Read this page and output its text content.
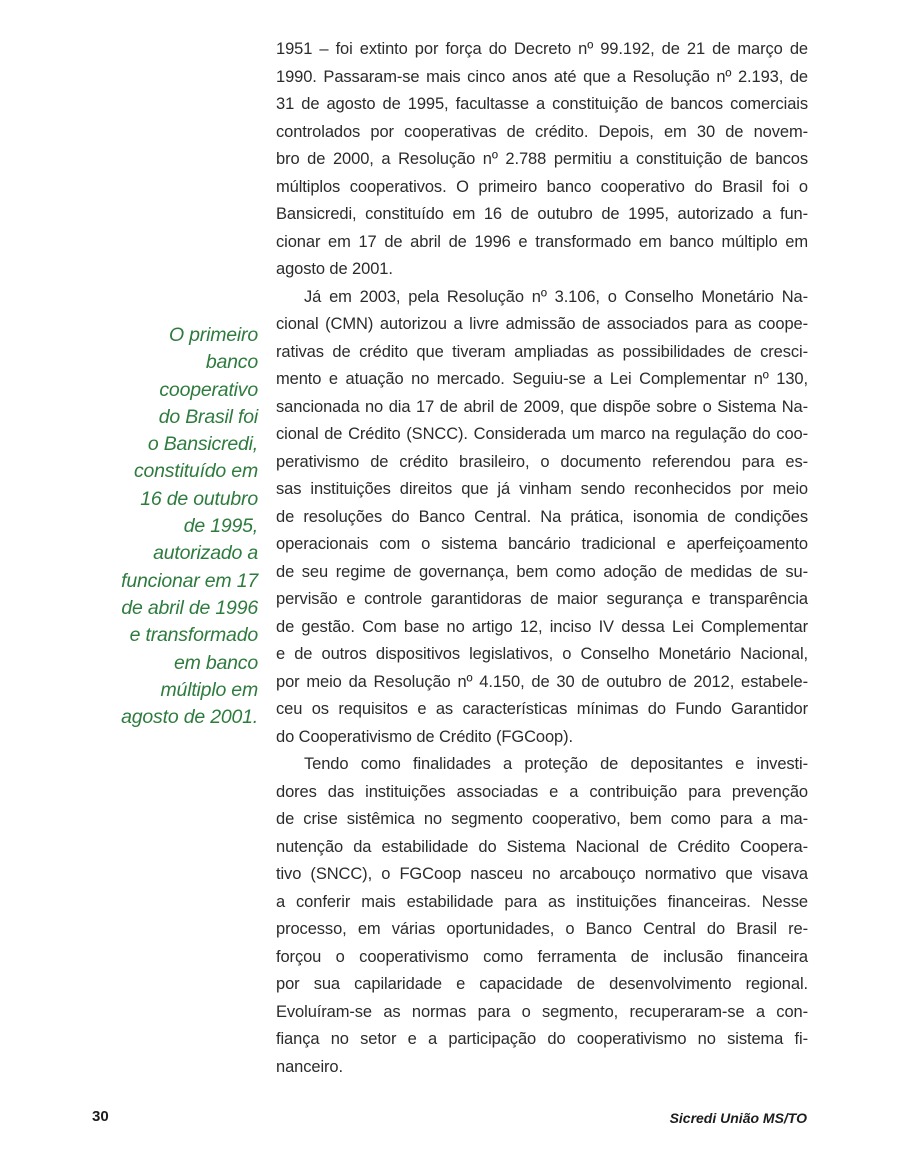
1951 – foi extinto por força do Decreto nº 99.192, de 21 de março de
1990. Passaram-se mais cinco anos até que a Resolução nº 2.193, de
31 de agosto de 1995, facultasse a constituição de bancos comerciais
controlados por cooperativas de crédito. Depois, em 30 de novem-
bro de 2000, a Resolução nº 2.788 permitiu a constituição de bancos
múltiplos cooperativos. O primeiro banco cooperativo do Brasil foi o
Bansicredi, constituído em 16 de outubro de 1995, autorizado a fun-
cionar em 17 de abril de 1996 e transformado em banco múltiplo em
agosto de 2001.
Já em 2003, pela Resolução nº 3.106, o Conselho Monetário Na-
cional (CMN) autorizou a livre admissão de associados para as coope-
rativas de crédito que tiveram ampliadas as possibilidades de cresci-
mento e atuação no mercado. Seguiu-se a Lei Complementar nº 130,
sancionada no dia 17 de abril de 2009, que dispõe sobre o Sistema Na-
cional de Crédito (SNCC). Considerada um marco na regulação do coo-
perativismo de crédito brasileiro, o documento referendou para es-
sas instituições direitos que já vinham sendo reconhecidos por meio
de resoluções do Banco Central. Na prática, isonomia de condições
operacionais com o sistema bancário tradicional e aperfeiçoamento
de seu regime de governança, bem como adoção de medidas de su-
pervisão e controle garantidoras de maior segurança e transparência
de gestão. Com base no artigo 12, inciso IV dessa Lei Complementar
e de outros dispositivos legislativos, o Conselho Monetário Nacional,
por meio da Resolução nº 4.150, de 30 de outubro de 2012, estabele-
ceu os requisitos e as características mínimas do Fundo Garantidor
do Cooperativismo de Crédito (FGCoop).
Tendo como finalidades a proteção de depositantes e investi-
dores das instituições associadas e a contribuição para prevenção
de crise sistêmica no segmento cooperativo, bem como para a ma-
nutenção da estabilidade do Sistema Nacional de Crédito Coopera-
tivo (SNCC), o FGCoop nasceu no arcabouço normativo que visava
a conferir mais estabilidade para as instituições financeiras. Nesse
processo, em várias oportunidades, o Banco Central do Brasil re-
forçou o cooperativismo como ferramenta de inclusão financeira
por sua capilaridade e capacidade de desenvolvimento regional.
Evoluíram-se as normas para o segmento, recuperaram-se a con-
fiança no setor e a participação do cooperativismo no sistema fi-
nanceiro.
O primeiro
banco
cooperativo
do Brasil foi
o Bansicredi,
constituído em
16 de outubro
de 1995,
autorizado a
funcionar em 17
de abril de 1996
e transformado
em banco
múltiplo em
agosto de 2001.
30	Sicredi União MS/TO
